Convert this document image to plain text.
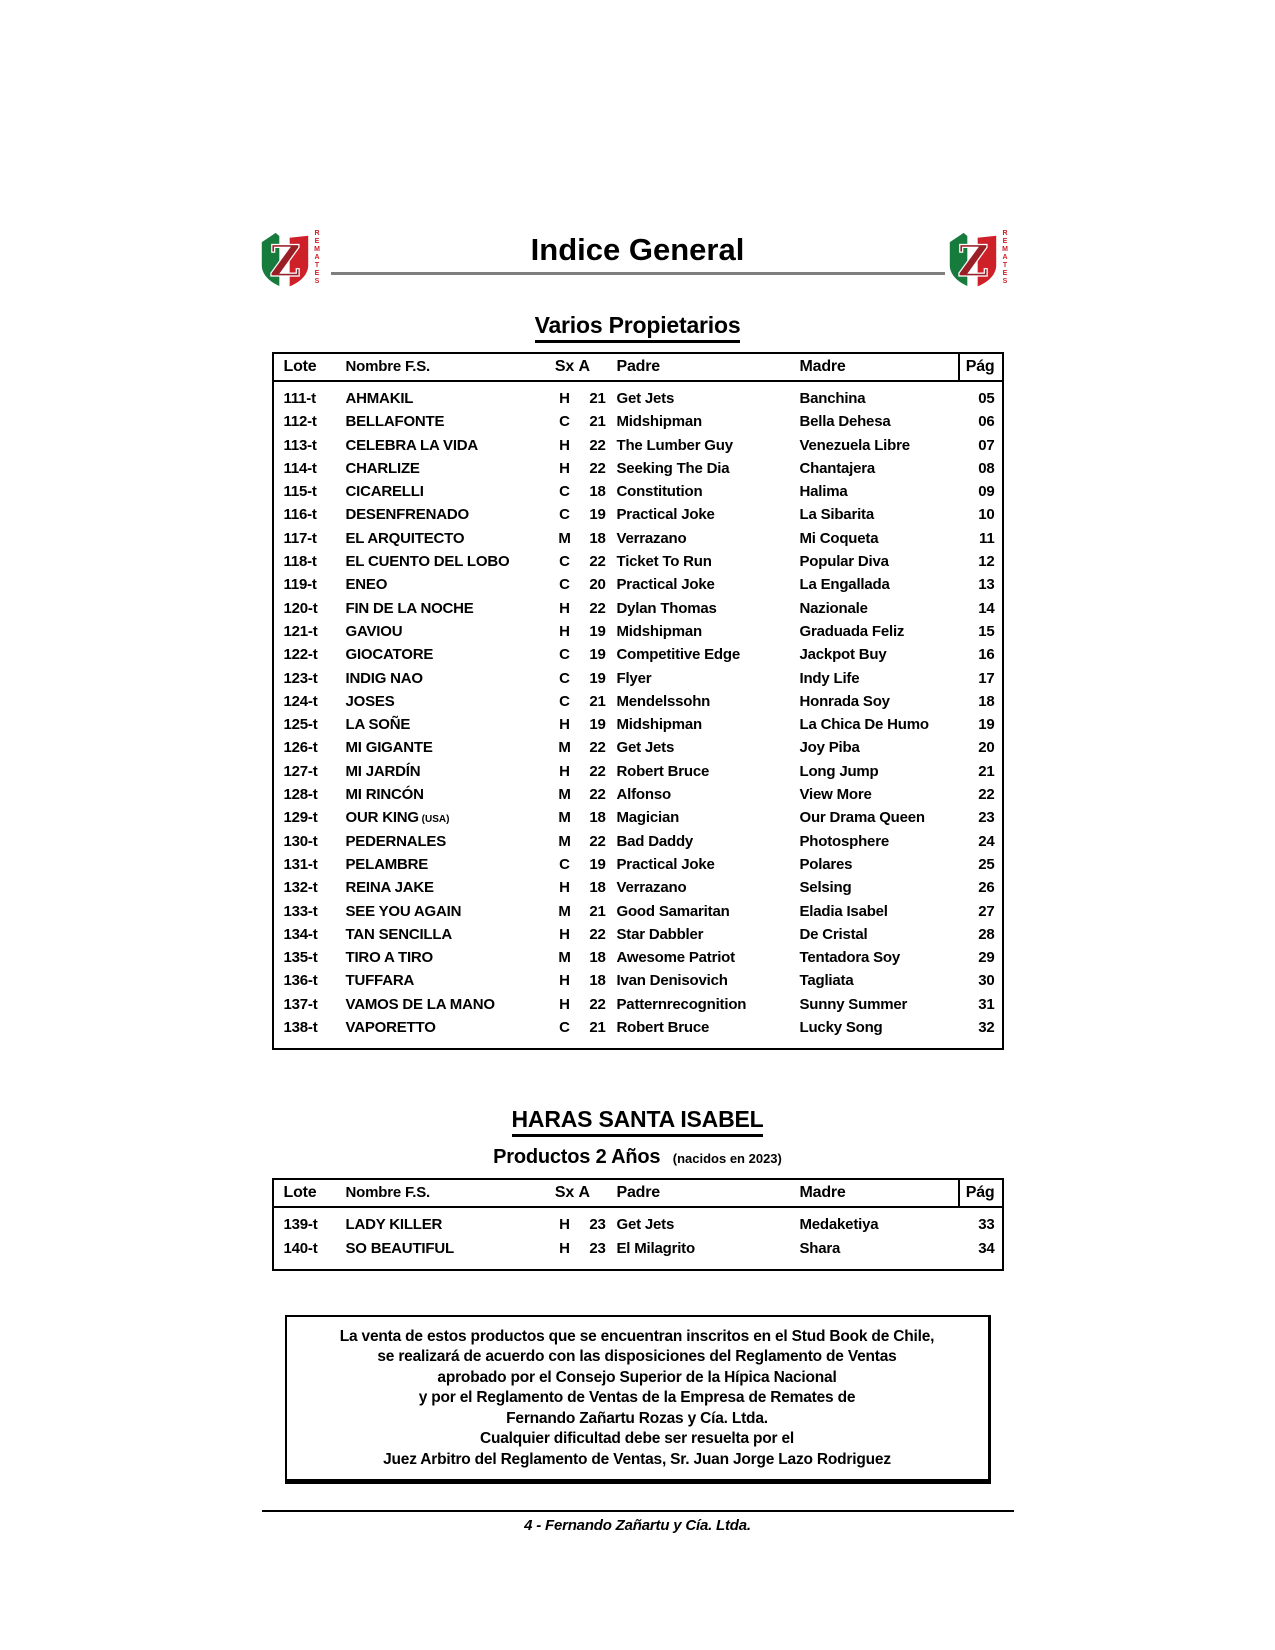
Z REMATES	Indice General	Z REMATES
Varios Propietarios
Lote	Nombre F.S.	Sx A	Padre	Madre	Pág
111-t	AHMAKIL	H	21 Get Jets	Banchina	05
112-t	BELLAFONTE	C	21 Midshipman	Bella Dehesa	06
113-t	CELEBRA LA VIDA	H	22 The Lumber Guy	Venezuela Libre	07
114-t	CHARLIZE	H	22 Seeking The Dia	Chantajera	08
115-t	CICARELLI	C	18 Constitution	Halima	09
116-t	DESENFRENADO	C	19 Practical Joke	La Sibarita	10
117-t	EL ARQUITECTO	M	18 Verrazano	Mi Coqueta	11
118-t	EL CUENTO DEL LOBO	C	22 Ticket To Run	Popular Diva	12
119-t	ENEO	C	20 Practical Joke	La Engallada	13
120-t	FIN DE LA NOCHE	H	22 Dylan Thomas	Nazionale	14
121-t	GAVIOU	H	19 Midshipman	Graduada Feliz	15
122-t	GIOCATORE	C	19 Competitive Edge	Jackpot Buy	16
123-t	INDIG NAO	C	19 Flyer	Indy Life	17
124-t	JOSES	C	21 Mendelssohn	Honrada Soy	18
125-t	LA SOÑE	H	19 Midshipman	La Chica De Humo	19
126-t	MI GIGANTE	M	22 Get Jets	Joy Piba	20
127-t	MI JARDÍN	H	22 Robert Bruce	Long Jump	21
128-t	MI RINCÓN	M	22 Alfonso	View More	22
129-t	OUR KING (USA)	M	18 Magician	Our Drama Queen	23
130-t	PEDERNALES	M	22 Bad Daddy	Photosphere	24
131-t	PELAMBRE	C	19 Practical Joke	Polares	25
132-t	REINA JAKE	H	18 Verrazano	Selsing	26
133-t	SEE YOU AGAIN	M	21 Good Samaritan	Eladia Isabel	27
134-t	TAN SENCILLA	H	22 Star Dabbler	De Cristal	28
135-t	TIRO A TIRO	M	18 Awesome Patriot	Tentadora Soy	29
136-t	TUFFARA	H	18 Ivan Denisovich	Tagliata	30
137-t	VAMOS DE LA MANO	H	22 Patternrecognition	Sunny Summer	31
138-t	VAPORETTO	C	21 Robert Bruce	Lucky Song	32
HARAS SANTA ISABEL
Productos 2 Años (nacidos en 2023)
Lote	Nombre F.S.	Sx A	Padre	Madre	Pág
139-t	LADY KILLER	H	23 Get Jets	Medaketiya	33
140-t	SO BEAUTIFUL	H	23 El Milagrito	Shara	34
La venta de estos productos que se encuentran inscritos en el Stud Book de Chile,
se realizará de acuerdo con las disposiciones del Reglamento de Ventas
aprobado por el Consejo Superior de la Hípica Nacional
y por el Reglamento de Ventas de la Empresa de Remates de
Fernando Zañartu Rozas y Cía. Ltda.
Cualquier dificultad debe ser resuelta por el
Juez Arbitro del Reglamento de Ventas, Sr. Juan Jorge Lazo Rodriguez
4 - Fernando Zañartu y Cía. Ltda.
